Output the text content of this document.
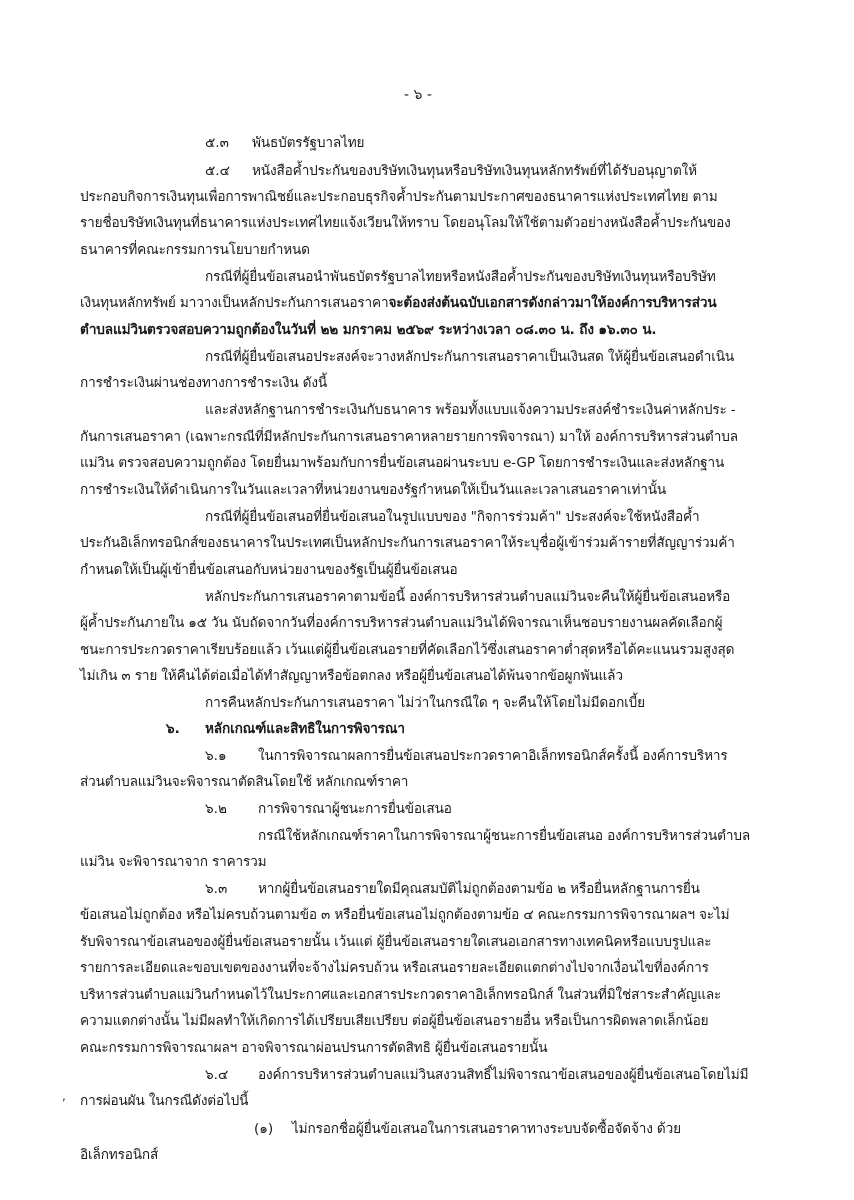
- ๖ -
๕.๓ พันธบัตรรัฐบาลไทย
๕.๔ หนังสือค้ำประกันของบริษัทเงินทุนหรือบริษัทเงินทุนหลักทรัพย์ที่ได้รับอนุญาตให้
ประกอบกิจการเงินทุนเพื่อการพาณิชย์และประกอบธุรกิจค้ำประกันตามประกาศของธนาคารแห่งประเทศไทย ตาม
รายชื่อบริษัทเงินทุนที่ธนาคารแห่งประเทศไทยแจ้งเวียนให้ทราบ โดยอนุโลมให้ใช้ตามตัวอย่างหนังสือค้ำประกันของ
ธนาคารที่คณะกรรมการนโยบายกำหนด
กรณีที่ผู้ยื่นข้อเสนอนำพันธบัตรรัฐบาลไทยหรือหนังสือค้ำประกันของบริษัทเงินทุนหรือบริษัท
เงินทุนหลักทรัพย์ มาวางเป็นหลักประกันการเสนอราคาจะต้องส่งต้นฉบับเอกสารดังกล่าวมาให้องค์การบริหารส่วน
ตำบลแม่วินตรวจสอบความถูกต้องในวันที่ ๒๒ มกราคม ๒๕๖๙ ระหว่างเวลา ๐๘.๓๐ น. ถึง ๑๖.๓๐ น.
กรณีที่ผู้ยื่นข้อเสนอประสงค์จะวางหลักประกันการเสนอราคาเป็นเงินสด ให้ผู้ยื่นข้อเสนอดำเนิน
การชำระเงินผ่านช่องทางการชำระเงิน ดังนี้
และส่งหลักฐานการชำระเงินกับธนาคาร พร้อมทั้งแบบแจ้งความประสงค์ชำระเงินค่าหลักประ -
กันการเสนอราคา (เฉพาะกรณีที่มีหลักประกันการเสนอราคาหลายรายการพิจารณา) มาให้ องค์การบริหารส่วนตำบล
แม่วิน ตรวจสอบความถูกต้อง โดยยื่นมาพร้อมกับการยื่นข้อเสนอผ่านระบบ e-GP โดยการชำระเงินและส่งหลักฐาน
การชำระเงินให้ดำเนินการในวันและเวลาที่หน่วยงานของรัฐกำหนดให้เป็นวันและเวลาเสนอราคาเท่านั้น
กรณีที่ผู้ยื่นข้อเสนอที่ยื่นข้อเสนอในรูปแบบของ "กิจการร่วมค้า" ประสงค์จะใช้หนังสือค้ำ
ประกันอิเล็กทรอนิกส์ของธนาคารในประเทศเป็นหลักประกันการเสนอราคาให้ระบุชื่อผู้เข้าร่วมค้ารายที่สัญญาร่วมค้า
กำหนดให้เป็นผู้เข้ายื่นข้อเสนอกับหน่วยงานของรัฐเป็นผู้ยื่นข้อเสนอ
หลักประกันการเสนอราคาตามข้อนี้ องค์การบริหารส่วนตำบลแม่วินจะคืนให้ผู้ยื่นข้อเสนอหรือ
ผู้ค้ำประกันภายใน ๑๕ วัน นับถัดจากวันที่องค์การบริหารส่วนตำบลแม่วินได้พิจารณาเห็นชอบรายงานผลคัดเลือกผู้
ชนะการประกวดราคาเรียบร้อยแล้ว เว้นแต่ผู้ยื่นข้อเสนอรายที่คัดเลือกไว้ซึ่งเสนอราคาต่ำสุดหรือได้คะแนนรวมสูงสุด
ไม่เกิน ๓ ราย ให้คืนได้ต่อเมื่อได้ทำสัญญาหรือข้อตกลง หรือผู้ยื่นข้อเสนอได้พ้นจากข้อผูกพันแล้ว
การคืนหลักประกันการเสนอราคา ไม่ว่าในกรณีใด ๆ จะคืนให้โดยไม่มีดอกเบี้ย
๖. หลักเกณฑ์และสิทธิในการพิจารณา
๖.๑ ในการพิจารณาผลการยื่นข้อเสนอประกวดราคาอิเล็กทรอนิกส์ครั้งนี้ องค์การบริหาร
ส่วนตำบลแม่วินจะพิจารณาตัดสินโดยใช้ หลักเกณฑ์ราคา
๖.๒ การพิจารณาผู้ชนะการยื่นข้อเสนอ
กรณีใช้หลักเกณฑ์ราคาในการพิจารณาผู้ชนะการยื่นข้อเสนอ องค์การบริหารส่วนตำบล
แม่วิน จะพิจารณาจาก ราคารวม
๖.๓ หากผู้ยื่นข้อเสนอรายใดมีคุณสมบัติไม่ถูกต้องตามข้อ ๒ หรือยื่นหลักฐานการยื่น
ข้อเสนอไม่ถูกต้อง หรือไม่ครบถ้วนตามข้อ ๓ หรือยื่นข้อเสนอไม่ถูกต้องตามข้อ ๔ คณะกรรมการพิจารณาผลฯ จะไม่
รับพิจารณาข้อเสนอของผู้ยื่นข้อเสนอรายนั้น เว้นแต่ ผู้ยื่นข้อเสนอรายใดเสนอเอกสารทางเทคนิคหรือแบบรูปและ
รายการละเอียดและขอบเขตของงานที่จะจ้างไม่ครบถ้วน หรือเสนอรายละเอียดแตกต่างไปจากเงื่อนไขที่องค์การ
บริหารส่วนตำบลแม่วินกำหนดไว้ในประกาศและเอกสารประกวดราคาอิเล็กทรอนิกส์ ในส่วนที่มิใช่สาระสำคัญและ
ความแตกต่างนั้น ไม่มีผลทำให้เกิดการได้เปรียบเสียเปรียบ ต่อผู้ยื่นข้อเสนอรายอื่น หรือเป็นการผิดพลาดเล็กน้อย
คณะกรรมการพิจารณาผลฯ อาจพิจารณาผ่อนปรนการตัดสิทธิ ผู้ยื่นข้อเสนอรายนั้น
๖.๔ องค์การบริหารส่วนตำบลแม่วินสงวนสิทธิ์ไม่พิจารณาข้อเสนอของผู้ยื่นข้อเสนอโดยไม่มี
, การผ่อนผัน ในกรณีดังต่อไปนี้
(๑) ไม่กรอกชื่อผู้ยื่นข้อเสนอในการเสนอราคาทางระบบจัดซื้อจัดจ้าง ด้วย
อิเล็กทรอนิกส์
